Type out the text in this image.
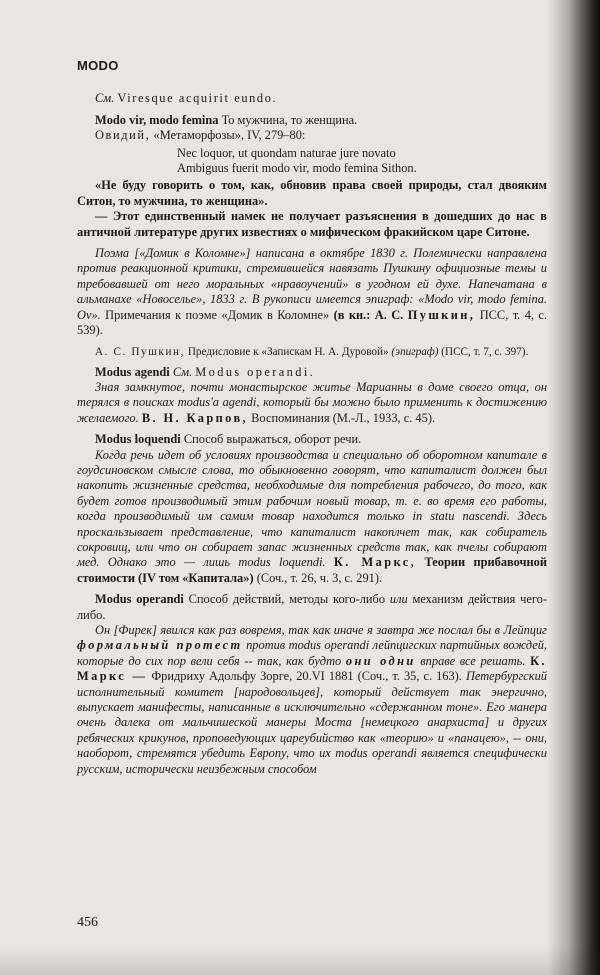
MODO

См. Viresque acquirit eundo.

Modo vir, modo femina То мужчина, то женщина.

Овидий, «Метаморфозы», IV, 279–80:

Nec loquor, ut quondam naturae jure novato
Ambiguus fuerit modo vir, modo femina Sithon.

«Не буду говорить о том, как, обновив права своей природы, стал двояким Ситон, то мужчина, то женщина».

— Этот единственный намек не получает разъяснения в дошедших до нас в античной литературе других известиях о мифическом фракийском царе Ситоне.

Поэма [«Домик в Коломне»] написана в октябре 1830 г. Полемически направлена против реакционной критики, стремившейся навязать Пушкину официозные темы и требовавшей от него моральных «нравоучений» в угодном ей духе. Напечатана в альманахе «Новоселье», 1833 г. В рукописи имеется эпиграф: «Modo vir, modo femina. Ov». Примечания к поэме «Домик в Коломне» (в кн.: А. С. Пушкин, ПСС, т. 4, с. 539).

А. С. Пушкин, Предисловие к «Запискам Н. А. Дуровой» (эпиграф) (ПСС, т. 7, с. 397).

Modus agendi См. Modus operandi.

Зная замкнутое, почти монастырское житье Марианны в доме своего отца, он терялся в поисках modus'a agendi, который бы можно было применить к достижению желаемого. В. Н. Карпов, Воспоминания (М.-Л., 1933, с. 45).

Modus loquendi Способ выражаться, оборот речи.

Когда речь идет об условиях производства и специально об оборотном капитале в гоудсиновском смысле слова, то обыкновенно говорят, что капиталист должен был накопить жизненные средства, необходимые для потребления рабочего, до того, как будет готов производимый этим рабочим новый товар, т. е. во время его работы, когда производимый им самим товар находится только in statu nascendi. Здесь проскальзывает представление, что капиталист накоплчет так, как собиратель сокровищ, или что он собирает запас жизненных средств так, как пчелы собирают мед. Однако это — лишь modus loquendi. К. Маркс, Теории прибавочной стоимости (IV том «Капитала») (Соч., т. 26, ч. 3, с. 291).

Modus operandi Способ действий, методы кого-либо или механизм действия чего-либо.

Он [Фирек] явился как раз вовремя, так как иначе я завтра же послал бы в Лейпциг формальный протест против modus operandi лейпцигских партийных вождей, которые до сих пор вели себя -- так, как будто они одни вправе все решать. К. Маркс — Фридриху Адольфу Зорге, 20.VI 1881 (Соч., т. 35, с. 163). Петербургский исполнительный комитет [народовольцев], который действует так энергично, выпускает манифесты, написанные в исключительно «сдержанном тоне». Его манера очень далека от мальчишеской манеры Моста [немецкого анархиста] и других ребяческих крикунов, проповедующих цареубийство как «теорию» и «панацею», -- они, наоборот, стремятся убедить Европу, что их modus operandi является специфически русским, исторически неизбежным способом

456
